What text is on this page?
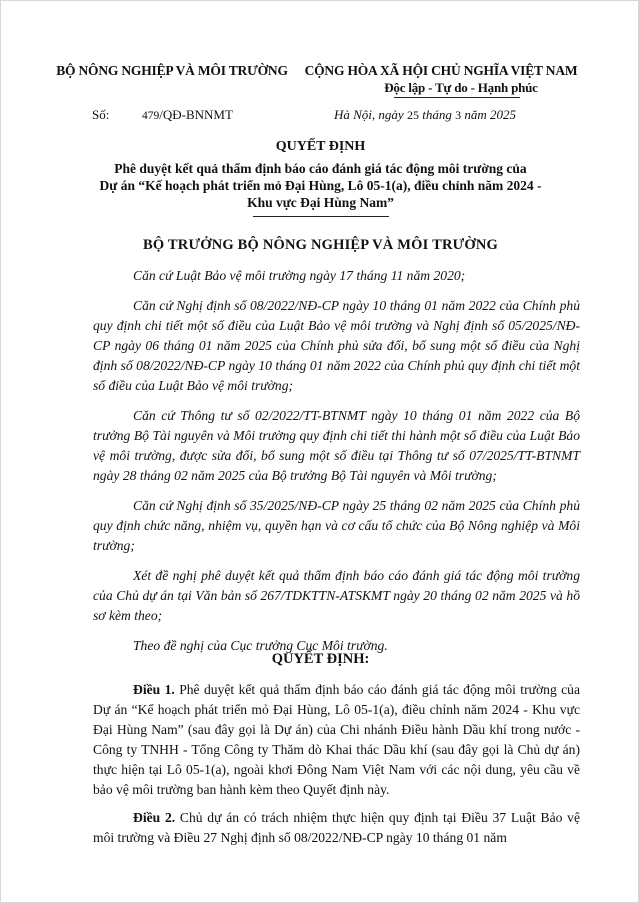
BỘ NÔNG NGHIỆP VÀ MÔI TRƯỜNG	CỘNG HÒA XÃ HỘI CHỦ NGHĨA VIỆT NAM
Độc lập - Tự do - Hạnh phúc
Số:	479/QĐ-BNNMT	Hà Nội, ngày 25 tháng 3 năm 2025
QUYẾT ĐỊNH
Phê duyệt kết quả thẩm định báo cáo đánh giá tác động môi trường của
Dự án “Kế hoạch phát triển mỏ Đại Hùng, Lô 05-1(a), điều chỉnh năm 2024 -
Khu vực Đại Hùng Nam”
BỘ TRƯỞNG BỘ NÔNG NGHIỆP VÀ MÔI TRƯỜNG

Căn cứ Luật Bảo vệ môi trường ngày 17 tháng 11 năm 2020;

Căn cứ Nghị định số 08/2022/NĐ-CP ngày 10 tháng 01 năm 2022 của Chính phủ quy định chi tiết một số điều của Luật Bảo vệ môi trường và Nghị định số 05/2025/NĐ-CP ngày 06 tháng 01 năm 2025 của Chính phủ sửa đổi, bổ sung một số điều của Nghị định số 08/2022/NĐ-CP ngày 10 tháng 01 năm 2022 của Chính phủ quy định chi tiết một số điều của Luật Bảo vệ môi trường;

Căn cứ Thông tư số 02/2022/TT-BTNMT ngày 10 tháng 01 năm 2022 của Bộ trưởng Bộ Tài nguyên và Môi trường quy định chi tiết thi hành một số điều của Luật Bảo vệ môi trường, được sửa đổi, bổ sung một số điều tại Thông tư số 07/2025/TT-BTNMT ngày 28 tháng 02 năm 2025 của Bộ trưởng Bộ Tài nguyên và Môi trường;

Căn cứ Nghị định số 35/2025/NĐ-CP ngày 25 tháng 02 năm 2025 của Chính phủ quy định chức năng, nhiệm vụ, quyền hạn và cơ cấu tổ chức của Bộ Nông nghiệp và Môi trường;

Xét đề nghị phê duyệt kết quả thẩm định báo cáo đánh giá tác động môi trường của Chủ dự án tại Văn bản số 267/TDKTTN-ATSKMT ngày 20 tháng 02 năm 2025 và hồ sơ kèm theo;

Theo đề nghị của Cục trưởng Cục Môi trường.

QUYẾT ĐỊNH:

Điều 1. Phê duyệt kết quả thẩm định báo cáo đánh giá tác động môi trường của Dự án “Kế hoạch phát triển mỏ Đại Hùng, Lô 05-1(a), điều chỉnh năm 2024 - Khu vực Đại Hùng Nam” (sau đây gọi là Dự án) của Chi nhánh Điều hành Dầu khí trong nước - Công ty TNHH - Tổng Công ty Thăm dò Khai thác Dầu khí (sau đây gọi là Chủ dự án) thực hiện tại Lô 05-1(a), ngoài khơi Đông Nam Việt Nam với các nội dung, yêu cầu về bảo vệ môi trường ban hành kèm theo Quyết định này.

Điều 2. Chủ dự án có trách nhiệm thực hiện quy định tại Điều 37 Luật Bảo vệ môi trường và Điều 27 Nghị định số 08/2022/NĐ-CP ngày 10 tháng 01 năm
